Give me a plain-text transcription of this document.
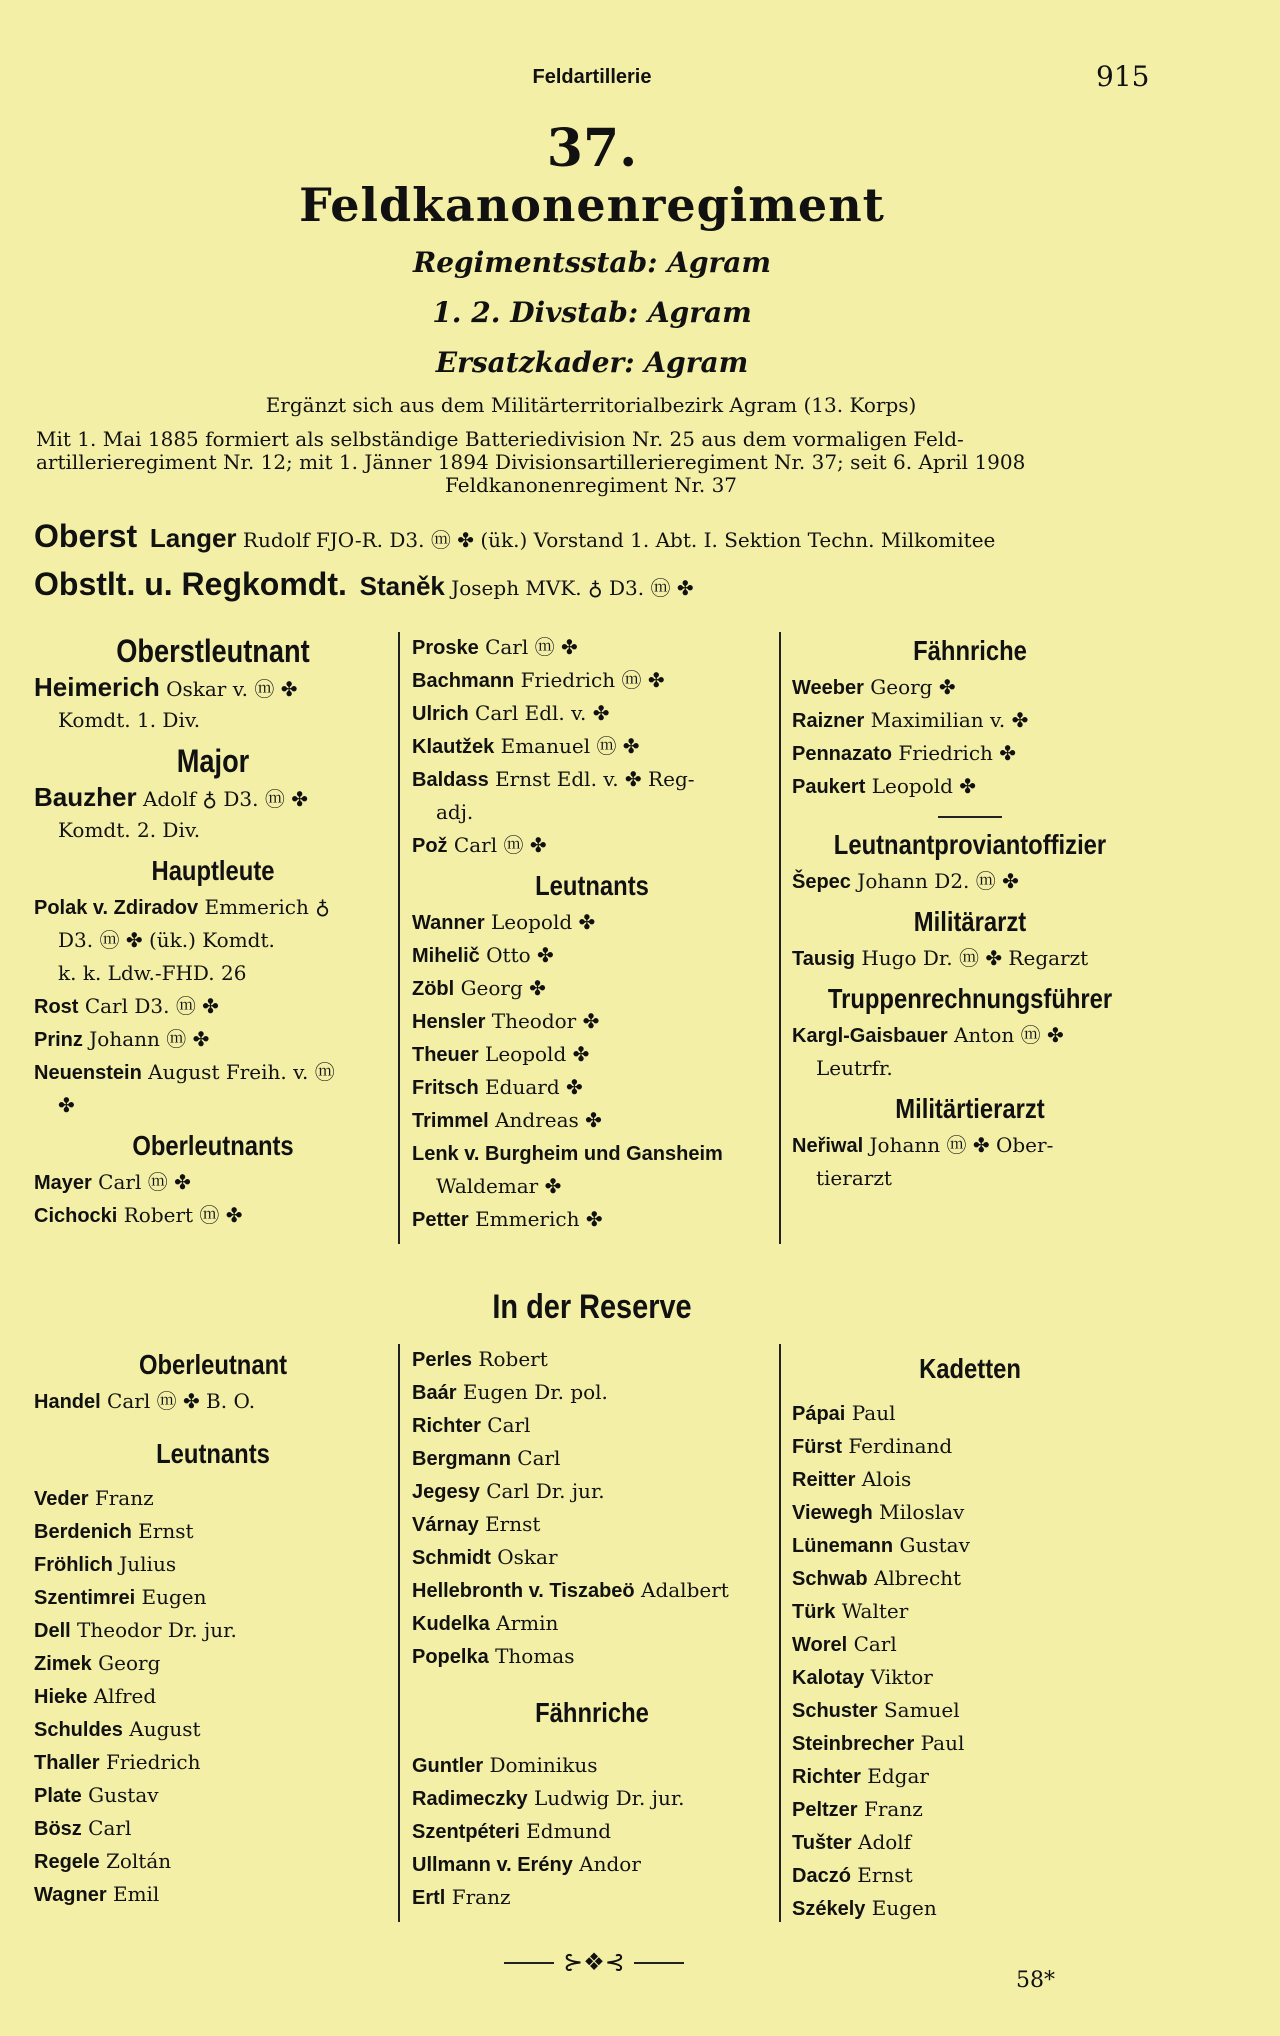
Feldartillerie	915
37.
Feldkanonenregiment
Regimentsstab: Agram
1. 2. Divstab: Agram
Ersatzkader: Agram
Ergänzt sich aus dem Militärterritorialbezirk Agram (13. Korps)
Mit 1. Mai 1885 formiert als selbständige Batteriedivision Nr. 25 aus dem vormaligen Feld-
artillerieregiment Nr. 12; mit 1. Jänner 1894 Divisionsartillerieregiment Nr. 37; seit 6. April 1908
Feldkanonenregiment Nr. 37
Oberst Langer Rudolf FJO-R. D3. ⓜ ✤ (ük.) Vorstand 1. Abt. I. Sektion Techn. Milkomitee
Obstlt. u. Regkomdt. Staněk Joseph MVK. ♁ D3. ⓜ ✤
Oberstleutnant
Heimerich Oskar v. ⓜ ✤
Komdt. 1. Div.
Major
Bauzher Adolf ♁ D3. ⓜ ✤
Komdt. 2. Div.
Hauptleute
Polak v. Zdiradov Emmerich ♁
D3. ⓜ ✤ (ük.) Komdt.
k. k. Ldw.-FHD. 26
Rost Carl D3. ⓜ ✤
Prinz Johann ⓜ ✤
Neuenstein August Freih. v. ⓜ
✤
Oberleutnants
Mayer Carl ⓜ ✤
Cichocki Robert ⓜ ✤
Proske Carl ⓜ ✤
Bachmann Friedrich ⓜ ✤
Ulrich Carl Edl. v. ✤
Klautžek Emanuel ⓜ ✤
Baldass Ernst Edl. v. ✤ Reg-
adj.
Pož Carl ⓜ ✤
Leutnants
Wanner Leopold ✤
Mihelič Otto ✤
Zöbl Georg ✤
Hensler Theodor ✤
Theuer Leopold ✤
Fritsch Eduard ✤
Trimmel Andreas ✤
Lenk v. Burgheim und Gansheim
Waldemar ✤
Petter Emmerich ✤
Fähnriche
Weeber Georg ✤
Raizner Maximilian v. ✤
Pennazato Friedrich ✤
Paukert Leopold ✤
Leutnantproviantoffizier
Šepec Johann D2. ⓜ ✤
Militärarzt
Tausig Hugo Dr. ⓜ ✤ Regarzt
Truppenrechnungsführer
Kargl-Gaisbauer Anton ⓜ ✤
Leutrfr.
Militärtierarzt
Neřiwal Johann ⓜ ✤ Ober-
tierarzt
In der Reserve
Oberleutnant
Handel Carl ⓜ ✤ B. O.
Leutnants
Veder Franz
Berdenich Ernst
Fröhlich Julius
Szentimrei Eugen
Dell Theodor Dr. jur.
Zimek Georg
Hieke Alfred
Schuldes August
Thaller Friedrich
Plate Gustav
Bösz Carl
Regele Zoltán
Wagner Emil
Perles Robert
Baár Eugen Dr. pol.
Richter Carl
Bergmann Carl
Jegesy Carl Dr. jur.
Várnay Ernst
Schmidt Oskar
Hellebronth v. Tiszabeö Adalbert
Kudelka Armin
Popelka Thomas
Fähnriche
Guntler Dominikus
Radimeczky Ludwig Dr. jur.
Szentpéteri Edmund
Ullmann v. Erény Andor
Ertl Franz
Kadetten
Pápai Paul
Fürst Ferdinand
Reitter Alois
Viewegh Miloslav
Lünemann Gustav
Schwab Albrecht
Türk Walter
Worel Carl
Kalotay Viktor
Schuster Samuel
Steinbrecher Paul
Richter Edgar
Peltzer Franz
Tušter Adolf
Daczó Ernst
Székely Eugen
⊱❖⊰
58*
